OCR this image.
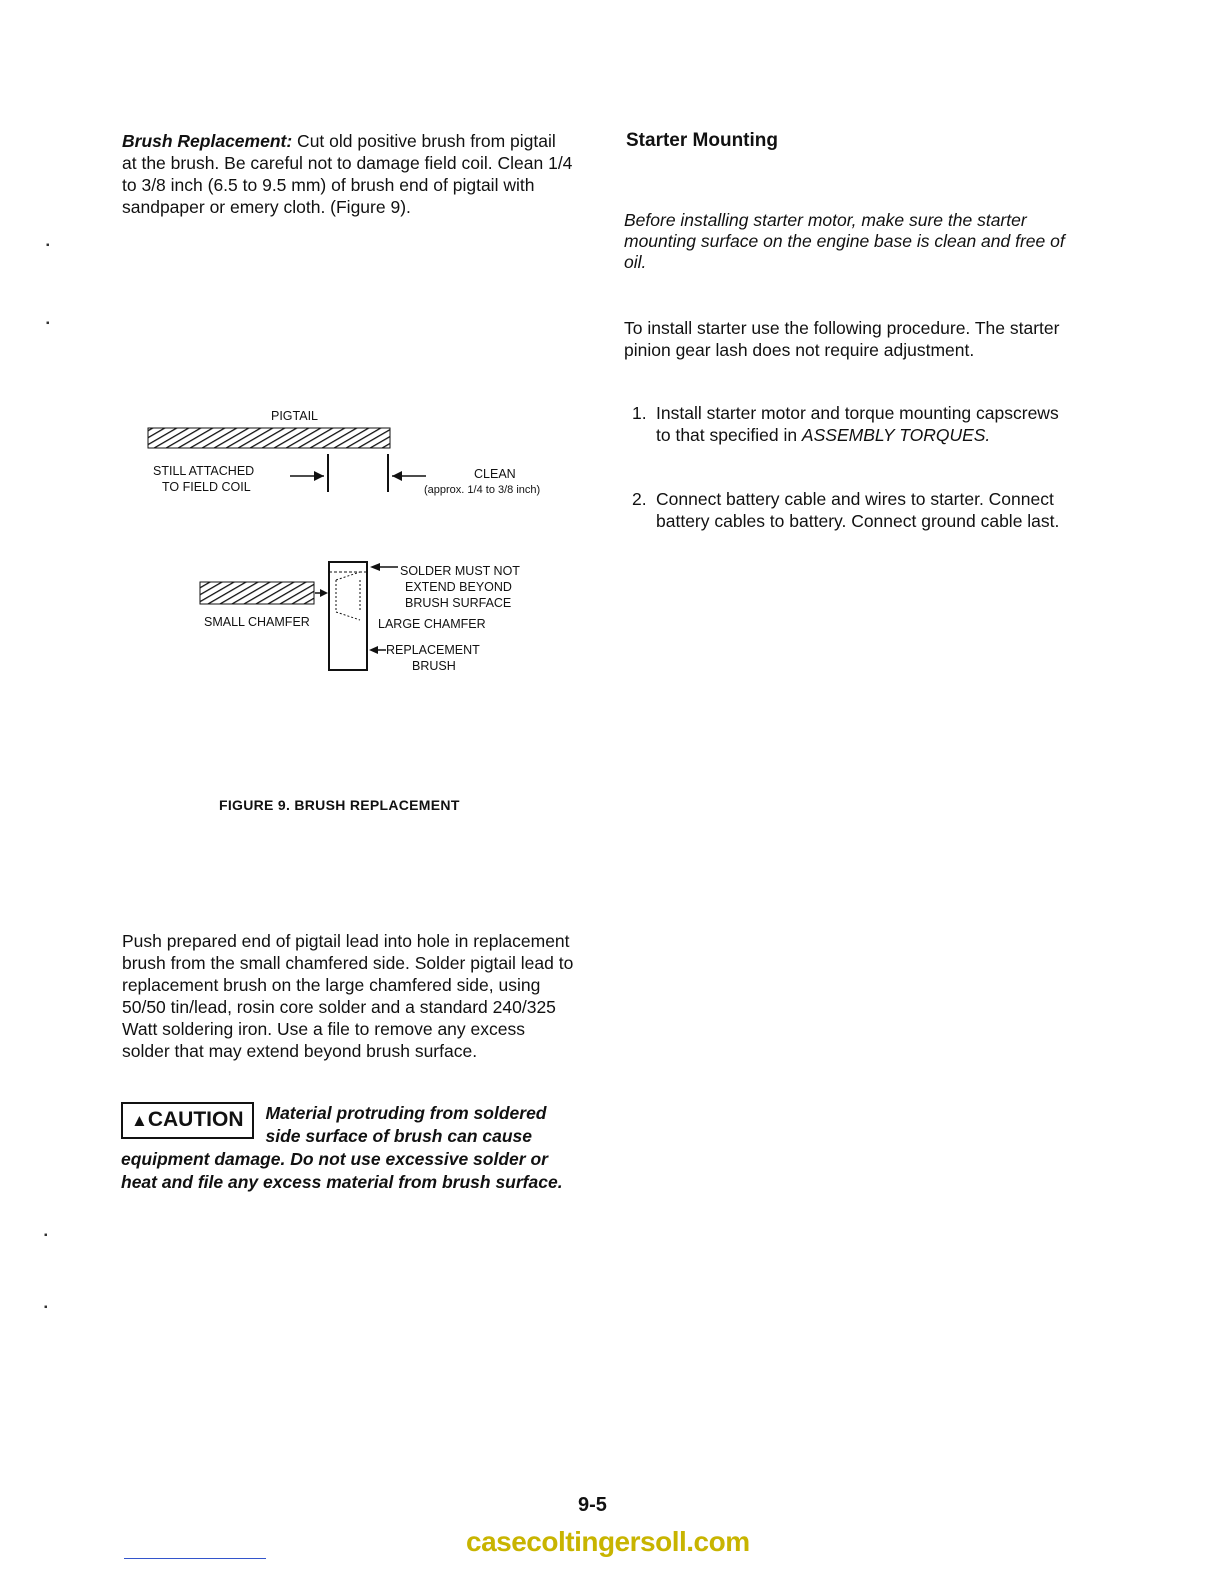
Brush Replacement: Cut old positive brush from pigtail at the brush. Be careful not to damage field coil. Clean 1/4 to 3/8 inch (6.5 to 9.5 mm) of brush end of pigtail with sandpaper or emery cloth. (Figure 9).
PIGTAIL
STILL ATTACHED
TO FIELD COIL
CLEAN
(approx. 1/4 to 3/8 inch)
SOLDER MUST NOT
EXTEND BEYOND
BRUSH SURFACE
SMALL CHAMFER	LARGE CHAMFER
REPLACEMENT
BRUSH
FIGURE 9. BRUSH REPLACEMENT
Push prepared end of pigtail lead into hole in replacement brush from the small chamfered side. Solder pigtail lead to replacement brush on the large chamfered side, using 50/50 tin/lead, rosin core solder and a standard 240/325 Watt soldering iron. Use a file to remove any excess solder that may extend beyond brush surface.
▲CAUTION	Material protruding from soldered side surface of brush can cause equipment damage. Do not use excessive solder or heat and file any excess material from brush surface.
Starter Mounting
Before installing starter motor, make sure the starter mounting surface on the engine base is clean and free of oil.
To install starter use the following procedure. The starter pinion gear lash does not require adjustment.
1. Install starter motor and torque mounting capscrews to that specified in ASSEMBLY TORQUES.
2. Connect battery cable and wires to starter. Connect battery cables to battery. Connect ground cable last.
▪
▪
▪
▪
9-5
casecoltingersoll.com
